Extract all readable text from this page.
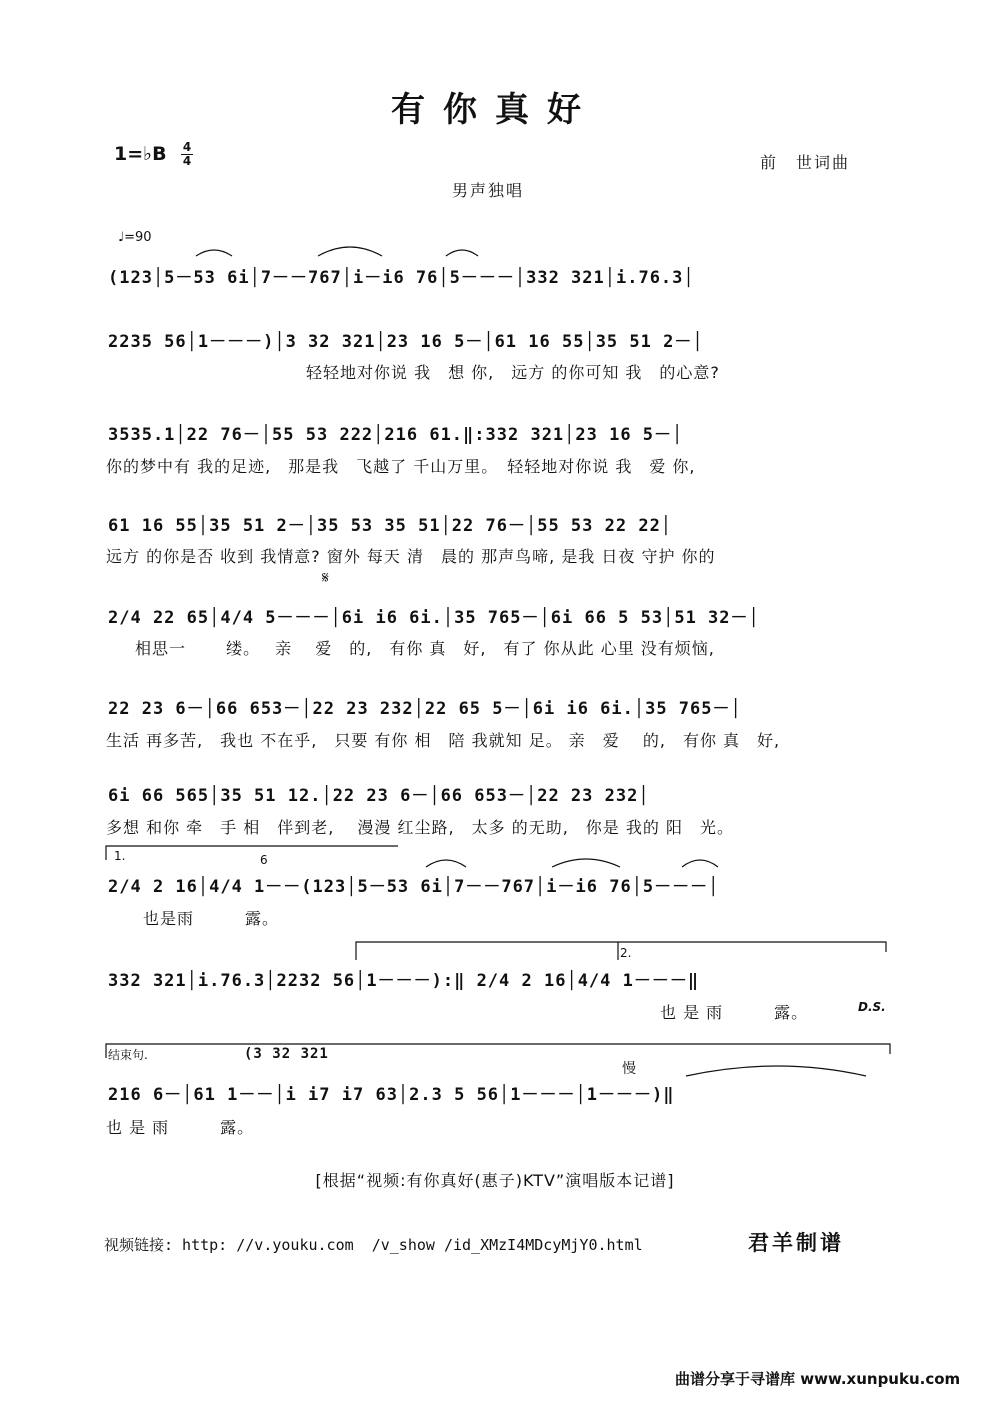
有你真好
1=♭B 4
4	前　世词曲
男声独唱
♩=90
(123│5－53 6i│7－－767│i－i6 76│5－－－│332 321│i.76.3│
2235 56│1－－－)│3 32 321│23 16 5－│61 16 55│35 51 2－│
轻轻地对你说 我　想 你,　远方 的你可知 我　的心意?
3535.1│22 76－│55 53 222│216 61.‖:332 321│23 16 5－│
你的梦中有 我的足迹,　那是我　飞越了 千山万里。　轻轻地对你说 我　爱 你,
61 16 55│35 51 2－│35 53 35 51│22 76－│55 53 22 22│
远方 的你是否 收到 我情意? 窗外 每天 清　晨的 那声鸟啼, 是我 日夜 守护 你的
𝄋
2/4 22 65│4/4 5－－－│6i i6 6i.│35 765－│6i 66 5 53│51 32－│
相思一　　 缕。　 亲　 爱　的,　有你 真　好,　有了 你从此 心里 没有烦恼,
22 23 6－│66 653－│22 23 232│22 65 5－│6i i6 6i.│35 765－│
生活 再多苦,　我也 不在乎,　只要 有你 相　陪 我就知 足。 亲　爱　 的,　有你 真　好,
6i 66 565│35 51 12.│22 23 6－│66 653－│22 23 232│
多想 和你 牵　手 相　伴到老,　 漫漫 红尘路,　太多 的无助,　你是 我的 阳　光。
1.	6
2/4 2 16│4/4 1－－(123│5－53 6i│7－－767│i－i6 76│5－－－│
也是雨　　　露。
2.
332 321│i.76.3│2232 56│1－－－):‖ 2/4 2 16│4/4 1－－－‖
也 是 雨　　　露。	D.S.
结束句.	(3 32 321
慢
216 6－│61 1－－│i i7 i7 63│2.3 5 56│1－－－│1－－－)‖
也 是 雨　　　露。
[根据“视频:有你真好(惠子)KTV”演唱版本记谱]
视频链接: http: //v.youku.com  /v_show /id_XMzI4MDcyMjY0.html	君羊制谱
曲谱分享于寻谱库 www.xunpuku.com
